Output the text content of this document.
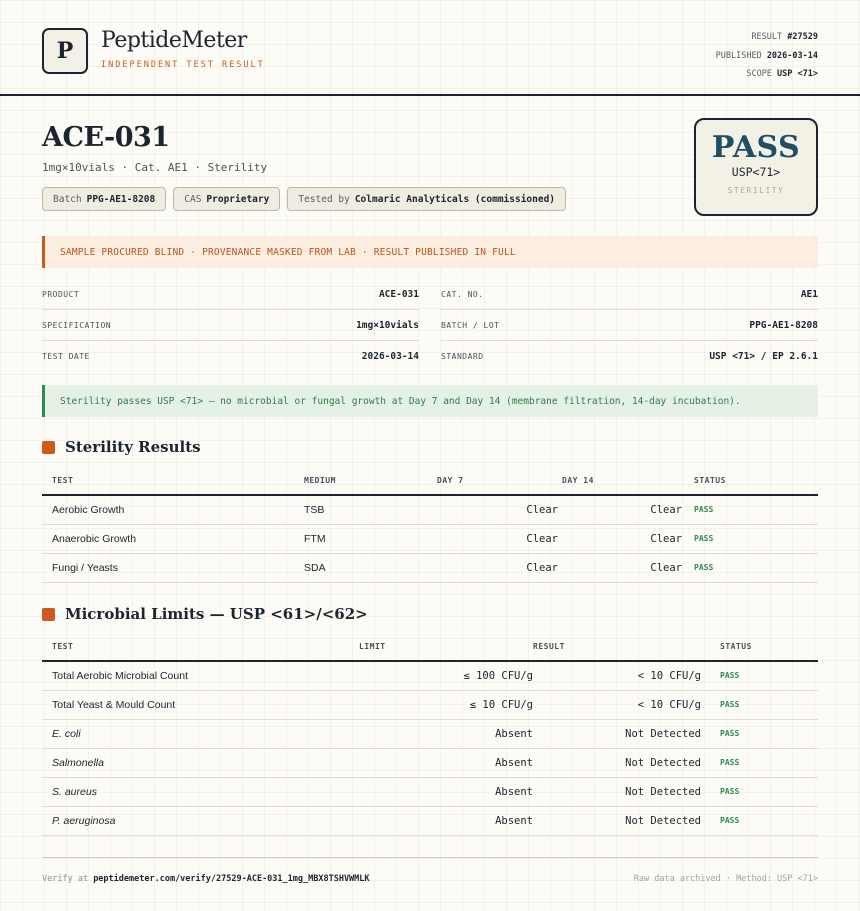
P	PeptideMeter
INDEPENDENT TEST RESULT
RESULT #27529
PUBLISHED 2026-03-14
SCOPE USP <71>
ACE-031
1mg×10vials · Cat. AE1 · Sterility
Batch PPG-AE1-8208	CAS Proprietary	Tested by Colmaric Analyticals (commissioned)
PASS
USP<71>
STERILITY
SAMPLE PROCURED BLIND · PROVENANCE MASKED FROM LAB · RESULT PUBLISHED IN FULL
PRODUCT	ACE-031	CAT. NO.	AE1
SPECIFICATION	1mg×10vials	BATCH / LOT	PPG-AE1-8208
TEST DATE	2026-03-14	STANDARD	USP <71> / EP 2.6.1
Sterility passes USP <71> — no microbial or fungal growth at Day 7 and Day 14 (membrane filtration, 14-day incubation).
Sterility Results
TEST	MEDIUM	DAY 7	DAY 14	STATUS
Aerobic Growth	TSB	Clear	Clear	PASS
Anaerobic Growth	FTM	Clear	Clear	PASS
Fungi / Yeasts	SDA	Clear	Clear	PASS
Microbial Limits — USP <61>/<62>
TEST	LIMIT	RESULT	STATUS
Total Aerobic Microbial Count	≤ 100 CFU/g	< 10 CFU/g	PASS
Total Yeast & Mould Count	≤ 10 CFU/g	< 10 CFU/g	PASS
E. coli	Absent	Not Detected	PASS
Salmonella	Absent	Not Detected	PASS
S. aureus	Absent	Not Detected	PASS
P. aeruginosa	Absent	Not Detected	PASS
Verify at peptidemeter.com/verify/27529-ACE-031_1mg_MBX8TSHVWMLK	Raw data archived · Method: USP <71>
